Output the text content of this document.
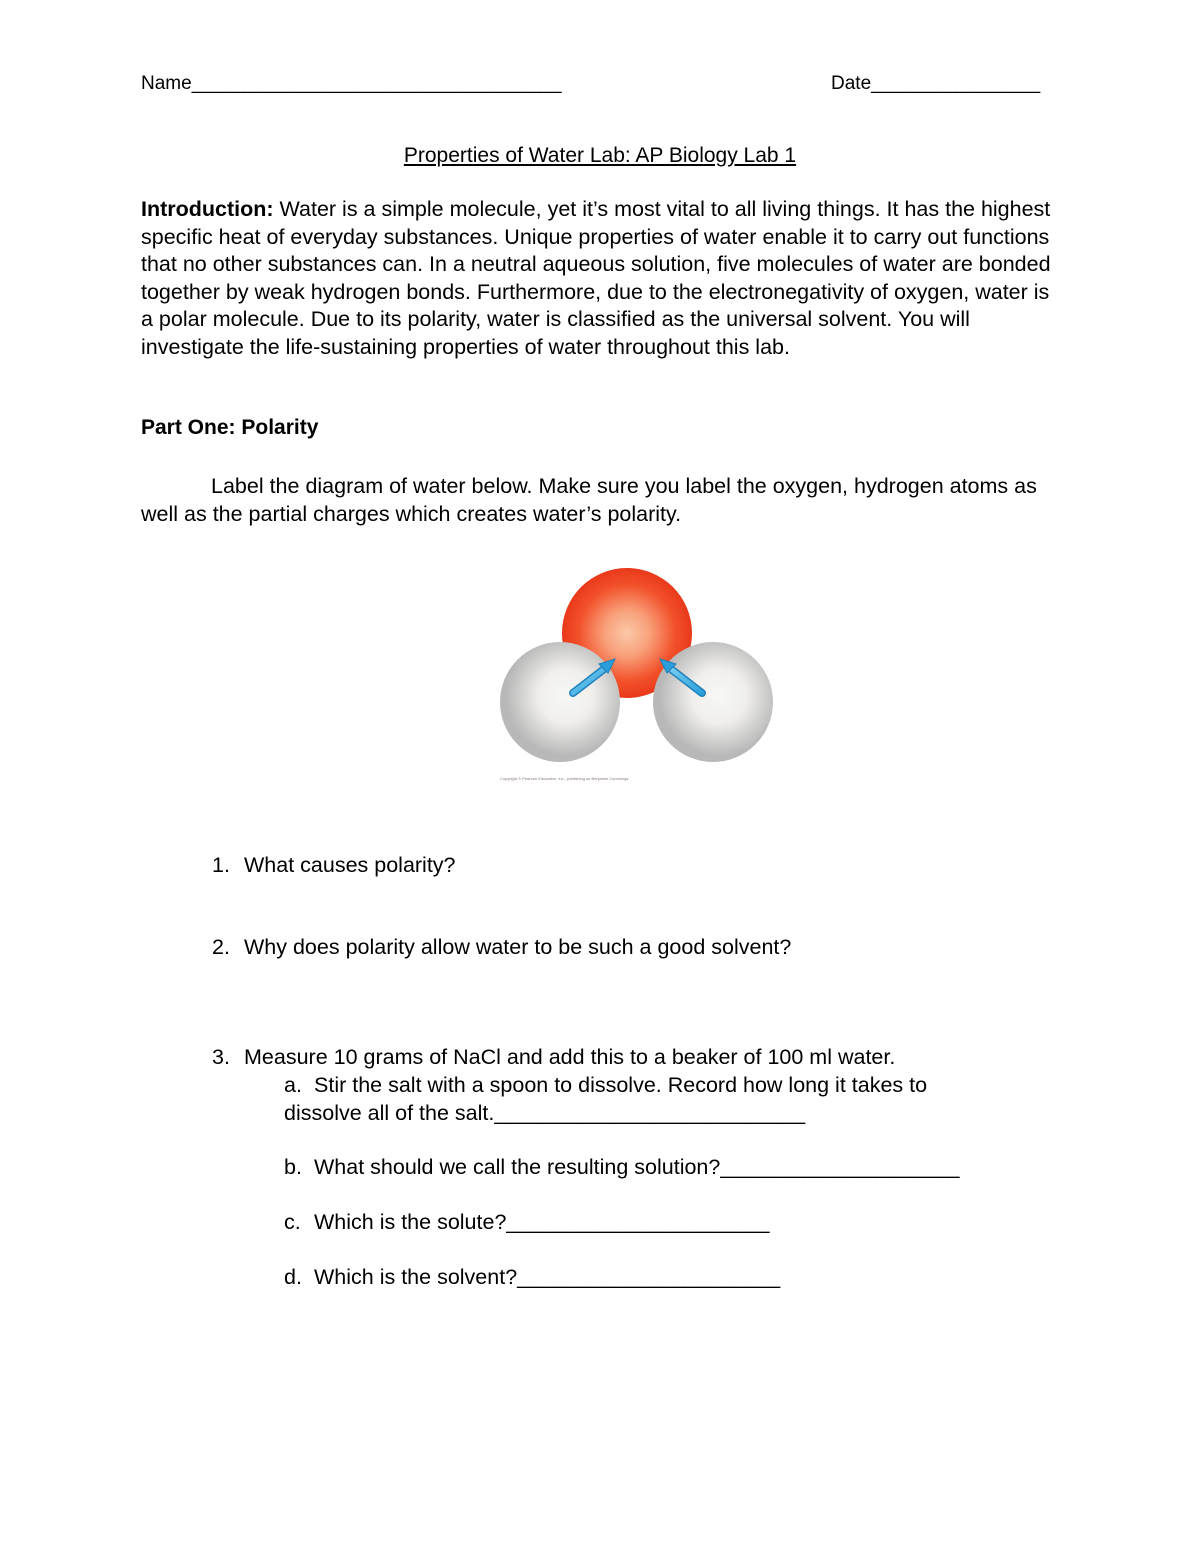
Name___________________________________	Date________________
Properties of Water Lab: AP Biology Lab 1
Introduction: Water is a simple molecule, yet it’s most vital to all living things. It has the highest specific heat of everyday substances. Unique properties of water enable it to carry out functions that no other substances can. In a neutral aqueous solution, five molecules of water are bonded together by weak hydrogen bonds. Furthermore, due to the electronegativity of oxygen, water is a polar molecule. Due to its polarity, water is classified as the universal solvent. You will investigate the life-sustaining properties of water throughout this lab.
Part One: Polarity
Label the diagram of water below. Make sure you label the oxygen, hydrogen atoms as well as the partial charges which creates water’s polarity.
Copyright © Pearson Education, Inc., publishing as Benjamin Cummings.
1. What causes polarity?
2. Why does polarity allow water to be such a good solvent?
3. Measure 10 grams of NaCl and add this to a beaker of 100 ml water.
a. Stir the salt with a spoon to dissolve. Record how long it takes to
dissolve all of the salt.__________________________
b. What should we call the resulting solution?____________________
c. Which is the solute?______________________
d. Which is the solvent?______________________
